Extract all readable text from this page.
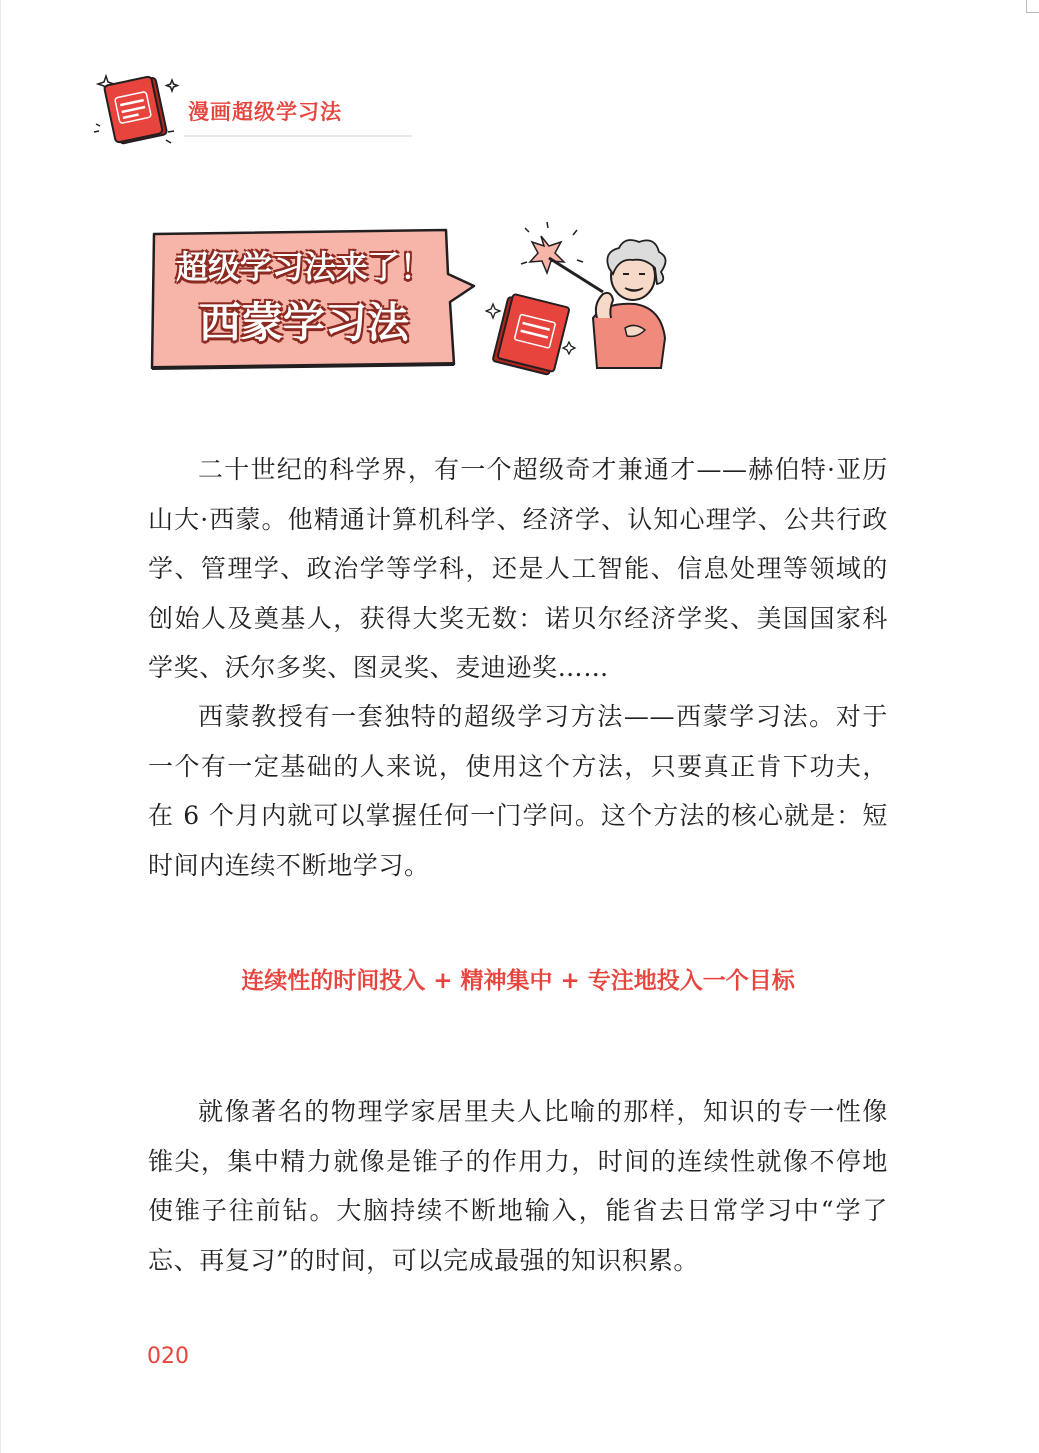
漫画超级学习法
超级学习法来了！
西蒙学习法

二十世纪的科学界，有一个超级奇才兼通才——赫伯特·亚历山大·西蒙。他精通计算机科学、经济学、认知心理学、公共行政学、管理学、政治学等学科，还是人工智能、信息处理等领域的创始人及奠基人，获得大奖无数：诺贝尔经济学奖、美国国家科学奖、沃尔多奖、图灵奖、麦迪逊奖……

西蒙教授有一套独特的超级学习方法——西蒙学习法。对于一个有一定基础的人来说，使用这个方法，只要真正肯下功夫，在 6 个月内就可以掌握任何一门学问。这个方法的核心就是：短时间内连续不断地学习。

连续性的时间投入 + 精神集中 + 专注地投入一个目标

就像著名的物理学家居里夫人比喻的那样，知识的专一性像锥尖，集中精力就像是锥子的作用力，时间的连续性就像不停地使锥子往前钻。大脑持续不断地输入，能省去日常学习中“学了忘、再复习”的时间，可以完成最强的知识积累。

020
